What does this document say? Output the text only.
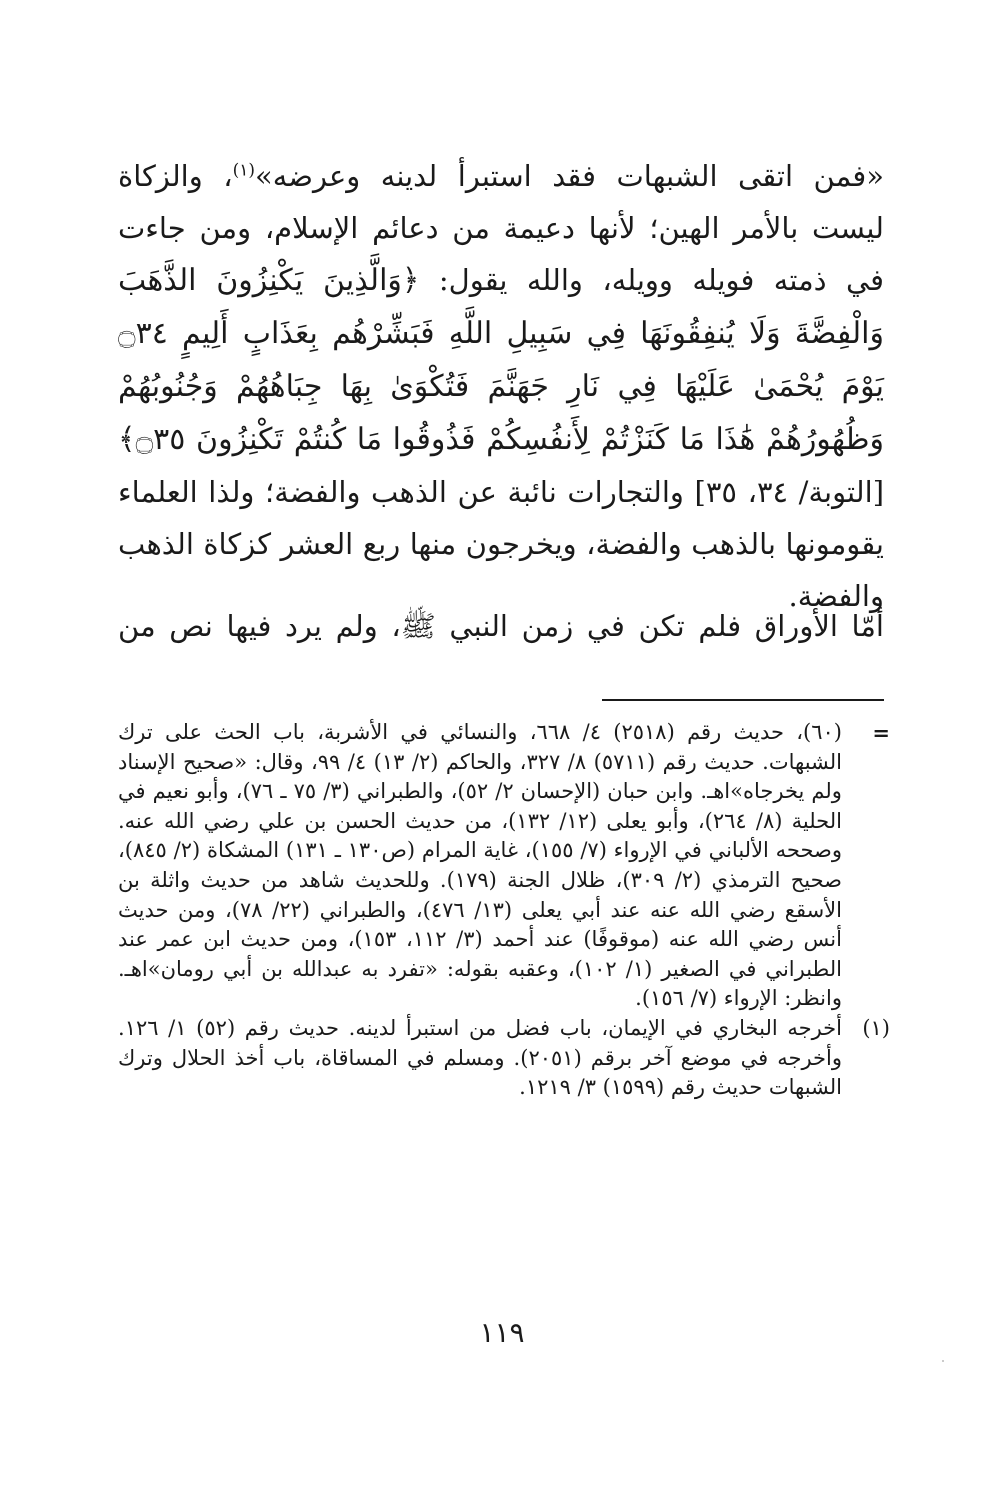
«فمن اتقى الشبهات فقد استبرأ لدينه وعرضه»$^{(١)}$، والزكاة ليست بالأمر الهين؛ لأنها دعيمة من دعائم الإسلام، ومن جاءت في ذمته فويله وويله، والله يقول: ﴿وَالَّذِينَ يَكْنِزُونَ الذَّهَبَ وَالْفِضَّةَ وَلَا يُنفِقُونَهَا فِي سَبِيلِ اللَّهِ فَبَشِّرْهُم بِعَذَابٍ أَلِيمٍ ۝٣٤ يَوْمَ يُحْمَىٰ عَلَيْهَا فِي نَارِ جَهَنَّمَ فَتُكْوَىٰ بِهَا جِبَاهُهُمْ وَجُنُوبُهُمْ وَظُهُورُهُمْ هَٰذَا مَا كَنَزْتُمْ لِأَنفُسِكُمْ فَذُوقُوا مَا كُنتُمْ تَكْنِزُونَ ۝٣٥﴾ [التوبة/ ٣٤، ٣٥] والتجارات نائبة عن الذهب والفضة؛ ولذا العلماء يقومونها بالذهب والفضة، ويخرجون منها ربع العشر كزكاة الذهب والفضة.

أمّا الأوراق فلم تكن في زمن النبي ﷺ، ولم يرد فيها نص من

=
(٦٠)، حديث رقم (٢٥١٨) ٤/ ٦٦٨، والنسائي في الأشربة، باب الحث على ترك الشبهات. حديث رقم (٥٧١١) ٨/ ٣٢٧، والحاكم (٢/ ١٣) ٤/ ٩٩، وقال: «صحيح الإسناد ولم يخرجاه»اهـ. وابن حبان (الإحسان ٢/ ٥٢)، والطبراني (٣/ ٧٥ ـ ٧٦)، وأبو نعيم في الحلية (٨/ ٢٦٤)، وأبو يعلى (١٢/ ١٣٢)، من حديث الحسن بن علي رضي الله عنه. وصححه الألباني في الإرواء (٧/ ١٥٥)، غاية المرام (ص١٣٠ ـ ١٣١) المشكاة (٢/ ٨٤٥)، صحيح الترمذي (٢/ ٣٠٩)، ظلال الجنة (١٧٩). وللحديث شاهد من حديث واثلة بن الأسقع رضي الله عنه عند أبي يعلى (١٣/ ٤٧٦)، والطبراني (٢٢/ ٧٨)، ومن حديث أنس رضي الله عنه (موقوفًا) عند أحمد (٣/ ١١٢، ١٥٣)، ومن حديث ابن عمر عند الطبراني في الصغير (١/ ١٠٢)، وعقبه بقوله: «تفرد به عبدالله بن أبي رومان»اهـ. وانظر: الإرواء (٧/ ١٥٦).

(١)
أخرجه البخاري في الإيمان، باب فضل من استبرأ لدينه. حديث رقم (٥٢) ١/ ١٢٦. وأخرجه في موضع آخر برقم (٢٠٥١). ومسلم في المساقاة، باب أخذ الحلال وترك الشبهات حديث رقم (١٥٩٩) ٣/ ١٢١٩.

١١٩
